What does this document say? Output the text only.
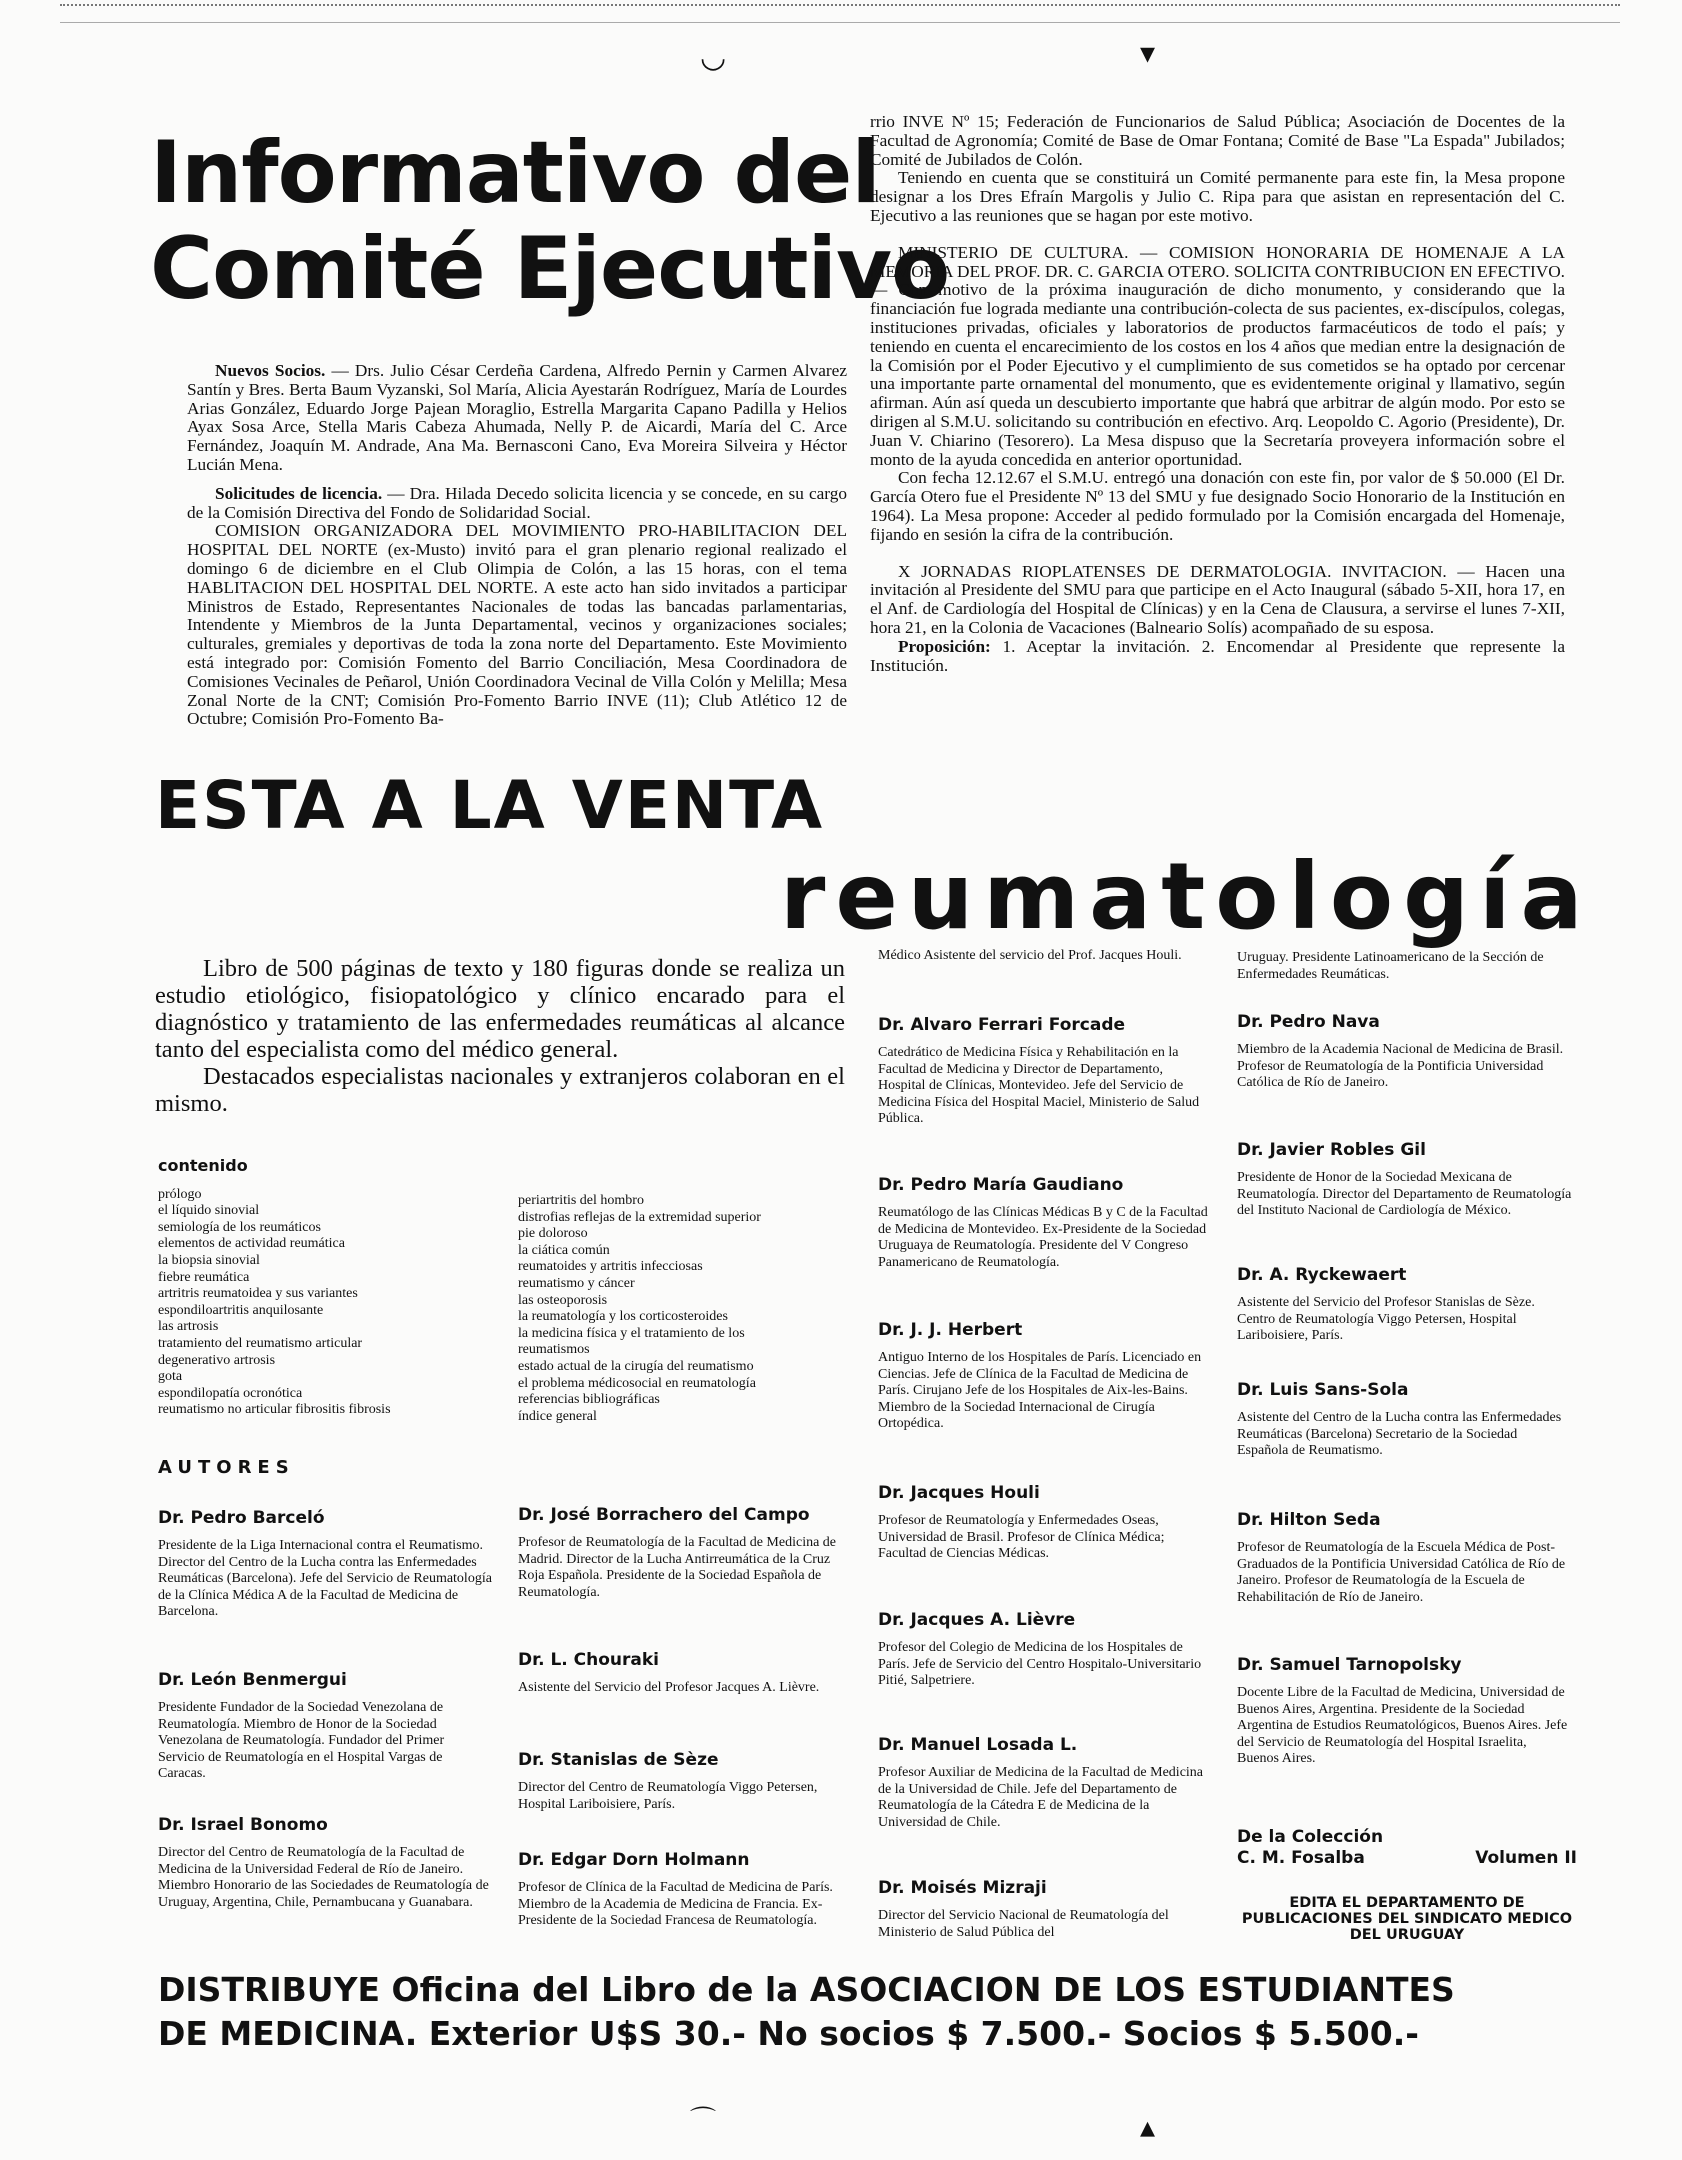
◡	▾
Informativo del
Comité Ejecutivo

Nuevos Socios. — Drs. Julio César Cerdeña Cardena, Alfredo Pernin y Carmen Alvarez Santín y Bres. Berta Baum Vyzanski, Sol María, Alicia Ayestarán Rodríguez, María de Lourdes Arias González, Eduardo Jorge Pajean Moraglio, Estrella Margarita Capano Padilla y Helios Ayax Sosa Arce, Stella Maris Cabeza Ahumada, Nelly P. de Aicardi, María del C. Arce Fernández, Joaquín M. Andrade, Ana Ma. Bernasconi Cano, Eva Moreira Silveira y Héctor Lucián Mena.

Solicitudes de licencia. — Dra. Hilada Decedo solicita licencia y se concede, en su cargo de la Comisión Directiva del Fondo de Solidaridad Social.

COMISION ORGANIZADORA DEL MOVIMIENTO PRO-HABILITACION DEL HOSPITAL DEL NORTE (ex-Musto) invitó para el gran plenario regional realizado el domingo 6 de diciembre en el Club Olimpia de Colón, a las 15 horas, con el tema HABLITACION DEL HOSPITAL DEL NORTE. A este acto han sido invitados a participar Ministros de Estado, Representantes Nacionales de todas las bancadas parlamentarias, Intendente y Miembros de la Junta Departamental, vecinos y organizaciones sociales; culturales, gremiales y deportivas de toda la zona norte del Departamento. Este Movimiento está integrado por: Comisión Fomento del Barrio Conciliación, Mesa Coordinadora de Comisiones Vecinales de Peñarol, Unión Coordinadora Vecinal de Villa Colón y Melilla; Mesa Zonal Norte de la CNT; Comisión Pro-Fomento Barrio INVE (11); Club Atlético 12 de Octubre; Comisión Pro-Fomento Ba-

rrio INVE Nº 15; Federación de Funcionarios de Salud Pública; Asociación de Docentes de la Facultad de Agronomía; Comité de Base de Omar Fontana; Comité de Base "La Espada" Jubilados; Comité de Jubilados de Colón.

Teniendo en cuenta que se constituirá un Comité permanente para este fin, la Mesa propone designar a los Dres Efraín Margolis y Julio C. Ripa para que asistan en representación del C. Ejecutivo a las reuniones que se hagan por este motivo.

MINISTERIO DE CULTURA. — COMISION HONORARIA DE HOMENAJE A LA MEMORIA DEL PROF. DR. C. GARCIA OTERO. SOLICITA CONTRIBUCION EN EFECTIVO. — Con motivo de la próxima inauguración de dicho monumento, y considerando que la financiación fue lograda mediante una contribución-colecta de sus pacientes, ex-discípulos, colegas, instituciones privadas, oficiales y laboratorios de productos farmacéuticos de todo el país; y teniendo en cuenta el encarecimiento de los costos en los 4 años que median entre la designación de la Comisión por el Poder Ejecutivo y el cumplimiento de sus cometidos se ha optado por cercenar una importante parte ornamental del monumento, que es evidentemente original y llamativo, según afirman. Aún así queda un descubierto importante que habrá que arbitrar de algún modo. Por esto se dirigen al S.M.U. solicitando su contribución en efectivo. Arq. Leopoldo C. Agorio (Presidente), Dr. Juan V. Chiarino (Tesorero). La Mesa dispuso que la Secretaría proveyera información sobre el monto de la ayuda concedida en anterior oportunidad.

Con fecha 12.12.67 el S.M.U. entregó una donación con este fin, por valor de $ 50.000 (El Dr. García Otero fue el Presidente Nº 13 del SMU y fue designado Socio Honorario de la Institución en 1964). La Mesa propone: Acceder al pedido formulado por la Comisión encargada del Homenaje, fijando en sesión la cifra de la contribución.

X JORNADAS RIOPLATENSES DE DERMATOLOGIA. INVITACION. — Hacen una invitación al Presidente del SMU para que participe en el Acto Inaugural (sábado 5-XII, hora 17, en el Anf. de Cardiología del Hospital de Clínicas) y en la Cena de Clausura, a servirse el lunes 7-XII, hora 21, en la Colonia de Vacaciones (Balneario Solís) acompañado de su esposa.

Proposición: 1. Aceptar la invitación. 2. Encomendar al Presidente que represente la Institución.

ESTA A LA VENTA
reumatología

Libro de 500 páginas de texto y 180 figuras donde se realiza un estudio etiológico, fisiopatológico y clínico encarado para el diagnóstico y tratamiento de las enfermedades reumáticas al alcance tanto del especialista como del médico general.

Destacados especialistas nacionales y extranjeros colaboran en el mismo.

contenido
prólogo
el líquido sinovial
semiología de los reumáticos
elementos de actividad reumática
la biopsia sinovial
fiebre reumática
artritris reumatoidea y sus variantes
espondiloartritis anquilosante
las artrosis
tratamiento del reumatismo articular
degenerativo artrosis
gota
espondilopatía ocronótica
reumatismo no articular fibrositis fibrosis
periartritis del hombro
distrofias reflejas de la extremidad superior
pie doloroso
la ciática común
reumatoides y artritis infecciosas
reumatismo y cáncer
las osteoporosis
la reumatología y los corticosteroides
la medicina física y el tratamiento de los
reumatismos
estado actual de la cirugía del reumatismo
el problema médicosocial en reumatología
referencias bibliográficas
índice general
AUTORES
Dr. Pedro Barceló
Presidente de la Liga Internacional contra el Reumatismo. Director del Centro de la Lucha contra las Enfermedades Reumáticas (Barcelona). Jefe del Servicio de Reumatología de la Clínica Médica A de la Facultad de Medicina de Barcelona.
Dr. León Benmergui
Presidente Fundador de la Sociedad Venezolana de Reumatología. Miembro de Honor de la Sociedad Venezolana de Reumatología. Fundador del Primer Servicio de Reumatología en el Hospital Vargas de Caracas.
Dr. Israel Bonomo
Director del Centro de Reumatología de la Facultad de Medicina de la Universidad Federal de Río de Janeiro. Miembro Honorario de las Sociedades de Reumatología de Uruguay, Argentina, Chile, Pernambucana y Guanabara.
Dr. José Borrachero del Campo
Profesor de Reumatología de la Facultad de Medicina de Madrid. Director de la Lucha Antirreumática de la Cruz Roja Española. Presidente de la Sociedad Española de Reumatología.
Dr. L. Chouraki
Asistente del Servicio del Profesor Jacques A. Lièvre.
Dr. Stanislas de Sèze
Director del Centro de Reumatología Viggo Petersen, Hospital Lariboisiere, París.
Dr. Edgar Dorn Holmann
Profesor de Clínica de la Facultad de Medicina de París. Miembro de la Academia de Medicina de Francia. Ex-Presidente de la Sociedad Francesa de Reumatología.
Médico Asistente del servicio del Prof. Jacques Houli.
Dr. Alvaro Ferrari Forcade
Catedrático de Medicina Física y Rehabilitación en la Facultad de Medicina y Director de Departamento, Hospital de Clínicas, Montevideo. Jefe del Servicio de Medicina Física del Hospital Maciel, Ministerio de Salud Pública.
Dr. Pedro María Gaudiano
Reumatólogo de las Clínicas Médicas B y C de la Facultad de Medicina de Montevideo. Ex-Presidente de la Sociedad Uruguaya de Reumatología. Presidente del V Congreso Panamericano de Reumatología.
Dr. J. J. Herbert
Antiguo Interno de los Hospitales de París. Licenciado en Ciencias. Jefe de Clínica de la Facultad de Medicina de París. Cirujano Jefe de los Hospitales de Aix-les-Bains. Miembro de la Sociedad Internacional de Cirugía Ortopédica.
Dr. Jacques Houli
Profesor de Reumatología y Enfermedades Oseas, Universidad de Brasil. Profesor de Clínica Médica; Facultad de Ciencias Médicas.
Dr. Jacques A. Lièvre
Profesor del Colegio de Medicina de los Hospitales de París. Jefe de Servicio del Centro Hospitalo-Universitario Pitié, Salpetriere.
Dr. Manuel Losada L.
Profesor Auxiliar de Medicina de la Facultad de Medicina de la Universidad de Chile. Jefe del Departamento de Reumatología de la Cátedra E de Medicina de la Universidad de Chile.
Dr. Moisés Mizraji
Director del Servicio Nacional de Reumatología del Ministerio de Salud Pública del
Uruguay. Presidente Latinoamericano de la Sección de Enfermedades Reumáticas.
Dr. Pedro Nava
Miembro de la Academia Nacional de Medicina de Brasil. Profesor de Reumatología de la Pontificia Universidad Católica de Río de Janeiro.
Dr. Javier Robles Gil
Presidente de Honor de la Sociedad Mexicana de Reumatología. Director del Departamento de Reumatología del Instituto Nacional de Cardiología de México.
Dr. A. Ryckewaert
Asistente del Servicio del Profesor Stanislas de Sèze. Centro de Reumatología Viggo Petersen, Hospital Lariboisiere, París.
Dr. Luis Sans-Sola
Asistente del Centro de la Lucha contra las Enfermedades Reumáticas (Barcelona) Secretario de la Sociedad Española de Reumatismo.
Dr. Hilton Seda
Profesor de Reumatología de la Escuela Médica de Post-Graduados de la Pontificia Universidad Católica de Río de Janeiro. Profesor de Reumatología de la Escuela de Rehabilitación de Río de Janeiro.
Dr. Samuel Tarnopolsky
Docente Libre de la Facultad de Medicina, Universidad de Buenos Aires, Argentina. Presidente de la Sociedad Argentina de Estudios Reumatológicos, Buenos Aires. Jefe del Servicio de Reumatología del Hospital Israelita, Buenos Aires.
De la Colección
C. M. Fosalba	Volumen II
EDITA EL DEPARTAMENTO DE PUBLICACIONES DEL SINDICATO MEDICO DEL URUGUAY
DISTRIBUYE Oficina del Libro de la ASOCIACION DE LOS ESTUDIANTES
DE MEDICINA. Exterior U$S 30.- No socios $ 7.500.- Socios $ 5.500.-
⌒	▴
